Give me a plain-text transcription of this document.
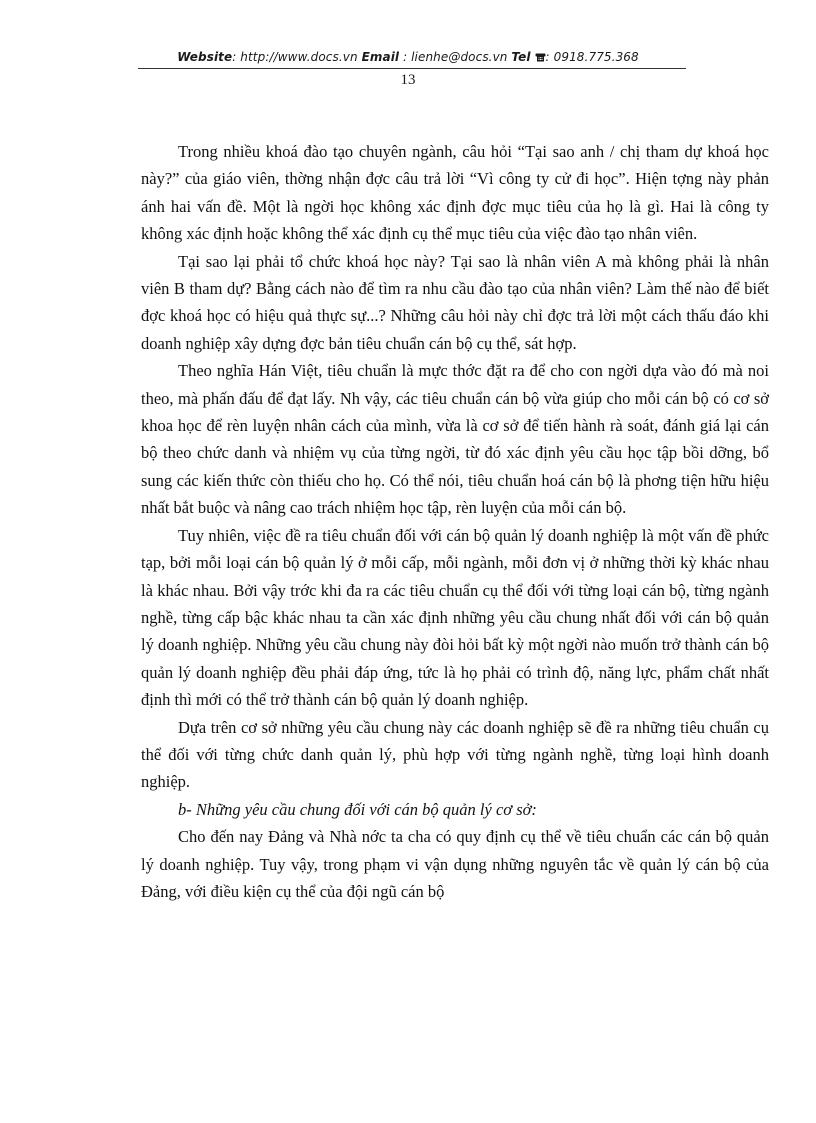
Website: http://www.docs.vn Email : lienhe@docs.vn Tel : 0918.775.368
13

Trong nhiều khoá đào tạo chuyên ngành, câu hỏi “Tại sao anh / chị tham dự khoá học này?” của giáo viên, thờng nhận đợc câu trả lời “Vì công ty cử đi học”. Hiện tợng này phản ánh hai vấn đề. Một là ngời học không xác định đợc mục tiêu của họ là gì. Hai là công ty không xác định hoặc không thể xác định cụ thể mục tiêu của việc đào tạo nhân viên.

Tại sao lại phải tổ chức khoá học này? Tại sao là nhân viên A mà không phải là nhân viên B tham dự? Bằng cách nào để tìm ra nhu cầu đào tạo của nhân viên? Làm thế nào để biết đợc khoá học có hiệu quả thực sự...? Những câu hỏi này chỉ đợc trả lời một cách thấu đáo khi doanh nghiệp xây dựng đợc bản tiêu chuẩn cán bộ cụ thể, sát hợp.

Theo nghĩa Hán Việt, tiêu chuẩn là mực thớc đặt ra để cho con ngời dựa vào đó mà noi theo, mà phấn đấu để đạt lấy. Nh vậy, các tiêu chuẩn cán bộ vừa giúp cho mỗi cán bộ có cơ sở khoa học để rèn luyện nhân cách của mình, vừa là cơ sở để tiến hành rà soát, đánh giá lại cán bộ theo chức danh và nhiệm vụ của từng ngời, từ đó xác định yêu cầu học tập bồi dỡng, bổ sung các kiến thức còn thiếu cho họ. Có thể nói, tiêu chuẩn hoá cán bộ là phơng tiện hữu hiệu nhất bắt buộc và nâng cao trách nhiệm học tập, rèn luyện của mỗi cán bộ.

Tuy nhiên, việc đề ra tiêu chuẩn đối với cán bộ quản lý doanh nghiệp là một vấn đề phức tạp, bởi mỗi loại cán bộ quản lý ở mỗi cấp, mỗi ngành, mỗi đơn vị ở những thời kỳ khác nhau là khác nhau. Bởi vậy trớc khi đa ra các tiêu chuẩn cụ thể đối với từng loại cán bộ, từng ngành nghề, từng cấp bậc khác nhau ta cần xác định những yêu cầu chung nhất đối với cán bộ quản lý doanh nghiệp. Những yêu cầu chung này đòi hỏi bất kỳ một ngời nào muốn trở thành cán bộ quản lý doanh nghiệp đều phải đáp ứng, tức là họ phải có trình độ, năng lực, phẩm chất nhất định thì mới có thể trở thành cán bộ quản lý doanh nghiệp.

Dựa trên cơ sở những yêu cầu chung này các doanh nghiệp sẽ đề ra những tiêu chuẩn cụ thể đối với từng chức danh quản lý, phù hợp với từng ngành nghề, từng loại hình doanh nghiệp.

b- Những yêu cầu chung đối với cán bộ quản lý cơ sở:

Cho đến nay Đảng và Nhà nớc ta cha có quy định cụ thể về tiêu chuẩn các cán bộ quản lý doanh nghiệp. Tuy vậy, trong phạm vi vận dụng những nguyên tắc về quản lý cán bộ của Đảng, với điều kiện cụ thể của đội ngũ cán bộ
